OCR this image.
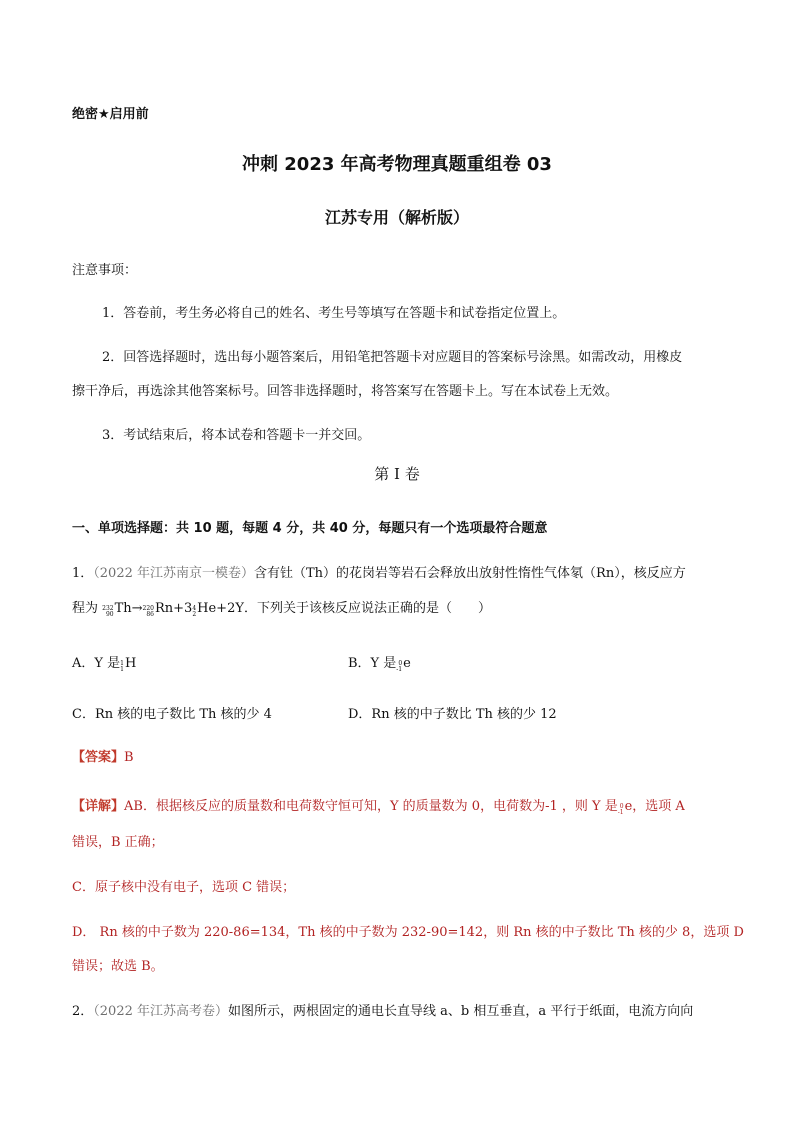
绝密★启用前
冲刺 2023 年高考物理真题重组卷 03
江苏专用（解析版）
注意事项：
1．答卷前，考生务必将自己的姓名、考生号等填写在答题卡和试卷指定位置上。
2．回答选择题时，选出每小题答案后，用铅笔把答题卡对应题目的答案标号涂黑。如需改动，用橡皮
擦干净后，再选涂其他答案标号。回答非选择题时，将答案写在答题卡上。写在本试卷上无效。
3．考试结束后，将本试卷和答题卡一并交回。
第 I 卷
一、单项选择题：共 10 题，每题 4 分，共 40 分，每题只有一个选项最符合题意
1．（2022 年江苏南京一模卷）含有钍（Th）的花岗岩等岩石会释放出放射性惰性气体氡（Rn），核反应方
程为 232
90 Th→ 220
86 Rn+3 4
2 He+2Y．下列关于该核反应说法正确的是（　　）
A．Y 是 1
1 H	B．Y 是 0
-1 e
C．Rn 核的电子数比 Th 核的少 4	D．Rn 核的中子数比 Th 核的少 12
【答案】B
【详解】AB．根据核反应的质量数和电荷数守恒可知，Y 的质量数为 0，电荷数为-1 ，则 Y 是 0
-1 e，选项 A
错误，B 正确；
C．原子核中没有电子，选项 C 错误；
D． Rn 核的中子数为 220-86=134，Th 核的中子数为 232-90=142，则 Rn 核的中子数比 Th 核的少 8，选项 D
错误；故选 B。
2．（2022 年江苏高考卷）如图所示，两根固定的通电长直导线 a、b 相互垂直，a 平行于纸面，电流方向向
